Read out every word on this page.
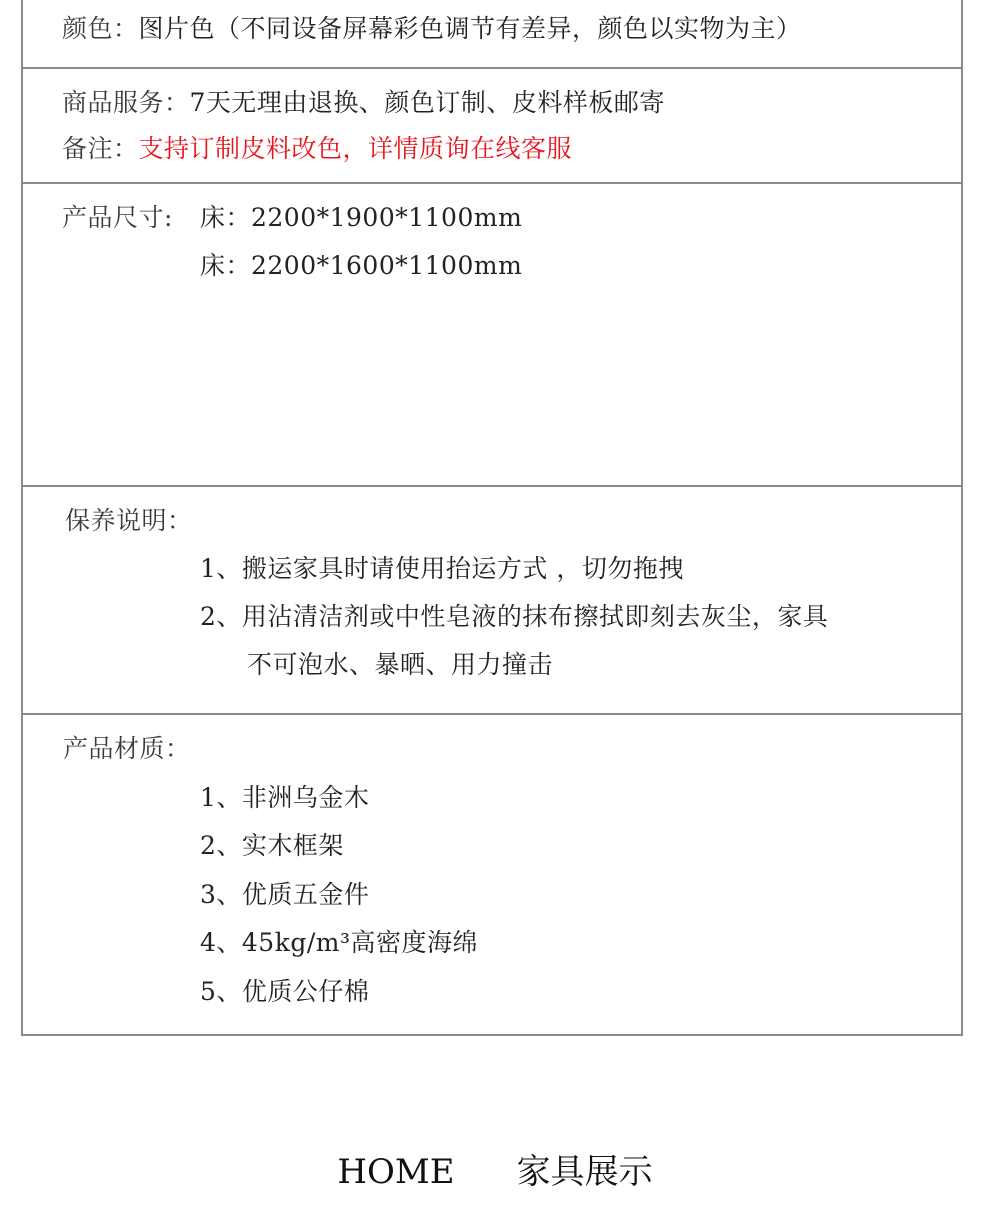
颜色：图片色（不同设备屏幕彩色调节有差异，颜色以实物为主）
商品服务：7天无理由退换、颜色订制、皮料样板邮寄
备注：支持订制皮料改色，详情质询在线客服
产品尺寸: 床：2200*1900*1100mm
床：2200*1600*1100mm
保养说明：
1、搬运家具时请使用抬运方式 ，切勿拖拽
2、用沾清洁剂或中性皂液的抹布擦拭即刻去灰尘，家具
不可泡水、暴晒、用力撞击
产品材质：
1、非洲乌金木
2、实木框架
3、优质五金件
4、45kg/m³高密度海绵
5、优质公仔棉
HOME 家具展示
